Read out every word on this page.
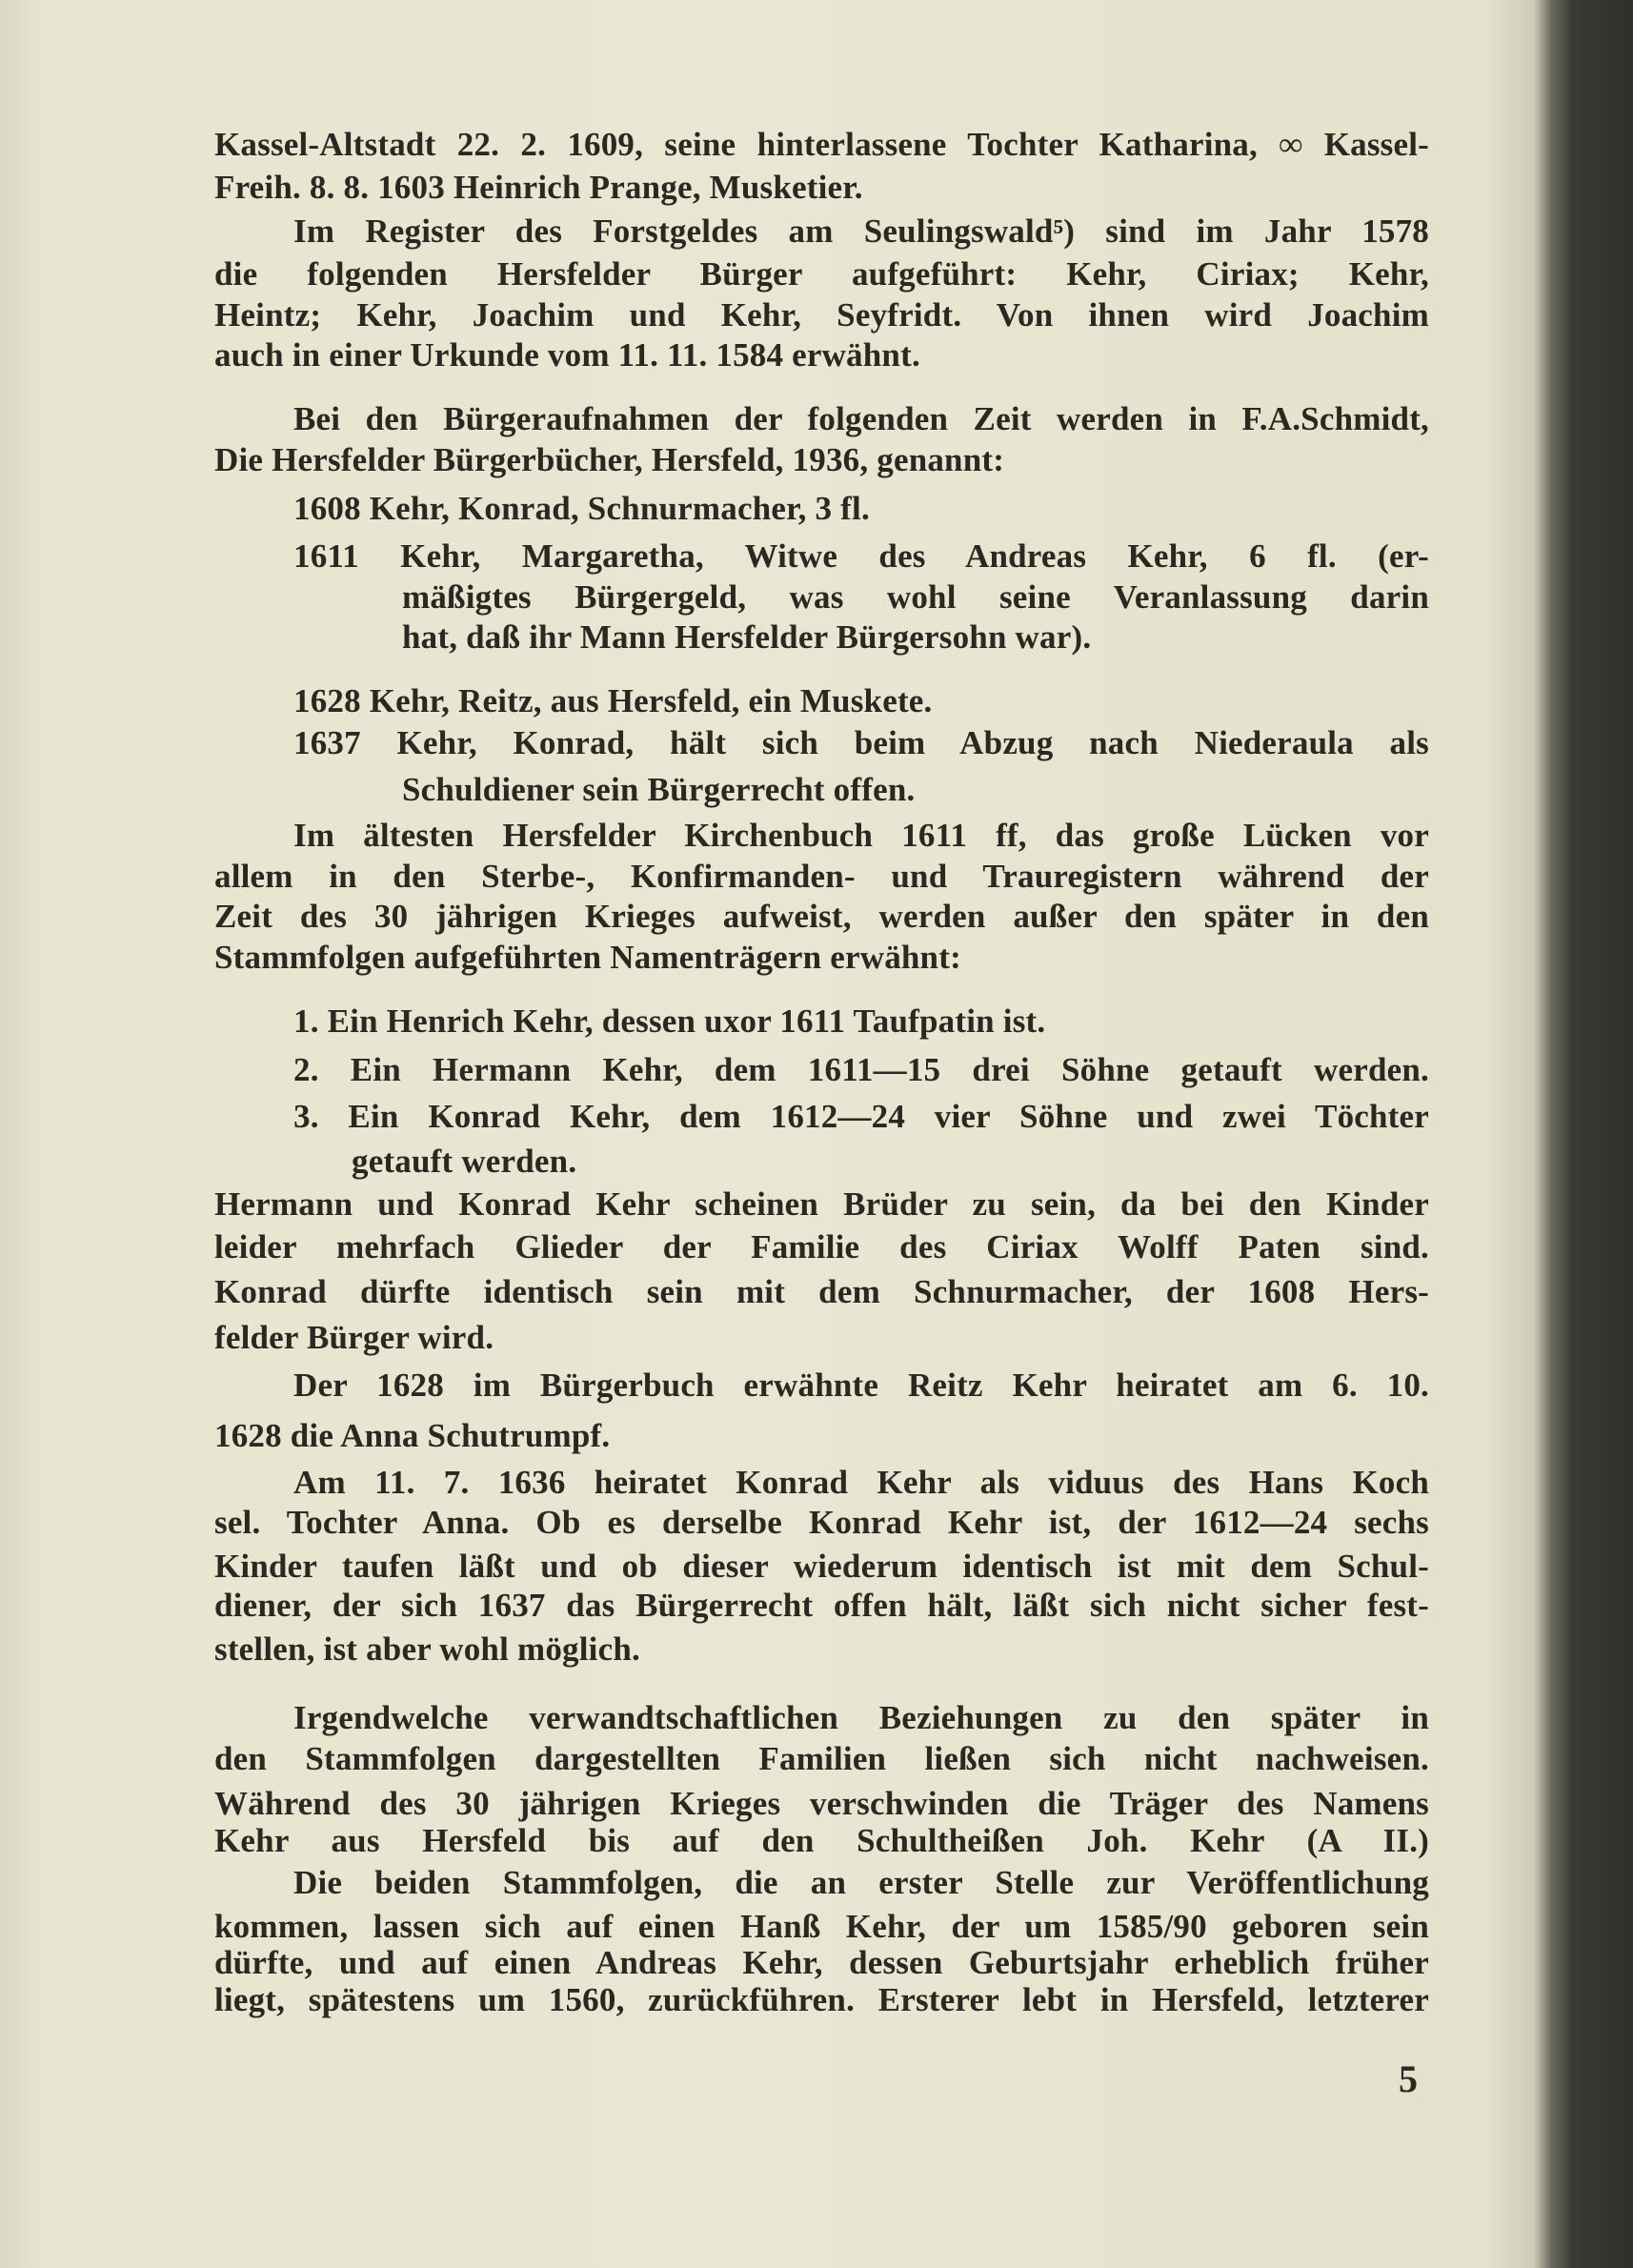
Kassel-Altstadt 22. 2. 1609, seine hinterlassene Tochter Katharina, ∞ Kassel-
Freih. 8. 8. 1603 Heinrich Prange, Musketier.
Im Register des Forstgeldes am Seulingswald⁵) sind im Jahr 1578
die folgenden Hersfelder Bürger aufgeführt: Kehr, Ciriax; Kehr,
Heintz; Kehr, Joachim und Kehr, Seyfridt. Von ihnen wird Joachim
auch in einer Urkunde vom 11. 11. 1584 erwähnt.
Bei den Bürgeraufnahmen der folgenden Zeit werden in F.A.Schmidt,
Die Hersfelder Bürgerbücher, Hersfeld, 1936, genannt:
1608 Kehr, Konrad, Schnurmacher, 3 fl.
1611 Kehr, Margaretha, Witwe des Andreas Kehr, 6 fl. (er-
mäßigtes Bürgergeld, was wohl seine Veranlassung darin
hat, daß ihr Mann Hersfelder Bürgersohn war).
1628 Kehr, Reitz, aus Hersfeld, ein Muskete.
1637 Kehr, Konrad, hält sich beim Abzug nach Niederaula als
Schuldiener sein Bürgerrecht offen.
Im ältesten Hersfelder Kirchenbuch 1611 ff, das große Lücken vor
allem in den Sterbe-, Konfirmanden- und Trauregistern während der
Zeit des 30 jährigen Krieges aufweist, werden außer den später in den
Stammfolgen aufgeführten Namenträgern erwähnt:
1. Ein Henrich Kehr, dessen uxor 1611 Taufpatin ist.
2. Ein Hermann Kehr, dem 1611—15 drei Söhne getauft werden.
3. Ein Konrad Kehr, dem 1612—24 vier Söhne und zwei Töchter
getauft werden.
Hermann und Konrad Kehr scheinen Brüder zu sein, da bei den Kinder
leider mehrfach Glieder der Familie des Ciriax Wolff Paten sind.
Konrad dürfte identisch sein mit dem Schnurmacher, der 1608 Hers-
felder Bürger wird.
Der 1628 im Bürgerbuch erwähnte Reitz Kehr heiratet am 6. 10.
1628 die Anna Schutrumpf.
Am 11. 7. 1636 heiratet Konrad Kehr als viduus des Hans Koch
sel. Tochter Anna. Ob es derselbe Konrad Kehr ist, der 1612—24 sechs
Kinder taufen läßt und ob dieser wiederum identisch ist mit dem Schul-
diener, der sich 1637 das Bürgerrecht offen hält, läßt sich nicht sicher fest-
stellen, ist aber wohl möglich.
Irgendwelche verwandtschaftlichen Beziehungen zu den später in
den Stammfolgen dargestellten Familien ließen sich nicht nachweisen.
Während des 30 jährigen Krieges verschwinden die Träger des Namens
Kehr aus Hersfeld bis auf den Schultheißen Joh. Kehr (A II.)
Die beiden Stammfolgen, die an erster Stelle zur Veröffentlichung
kommen, lassen sich auf einen Hanß Kehr, der um 1585/90 geboren sein
dürfte, und auf einen Andreas Kehr, dessen Geburtsjahr erheblich früher
liegt, spätestens um 1560, zurückführen. Ersterer lebt in Hersfeld, letzterer
5
